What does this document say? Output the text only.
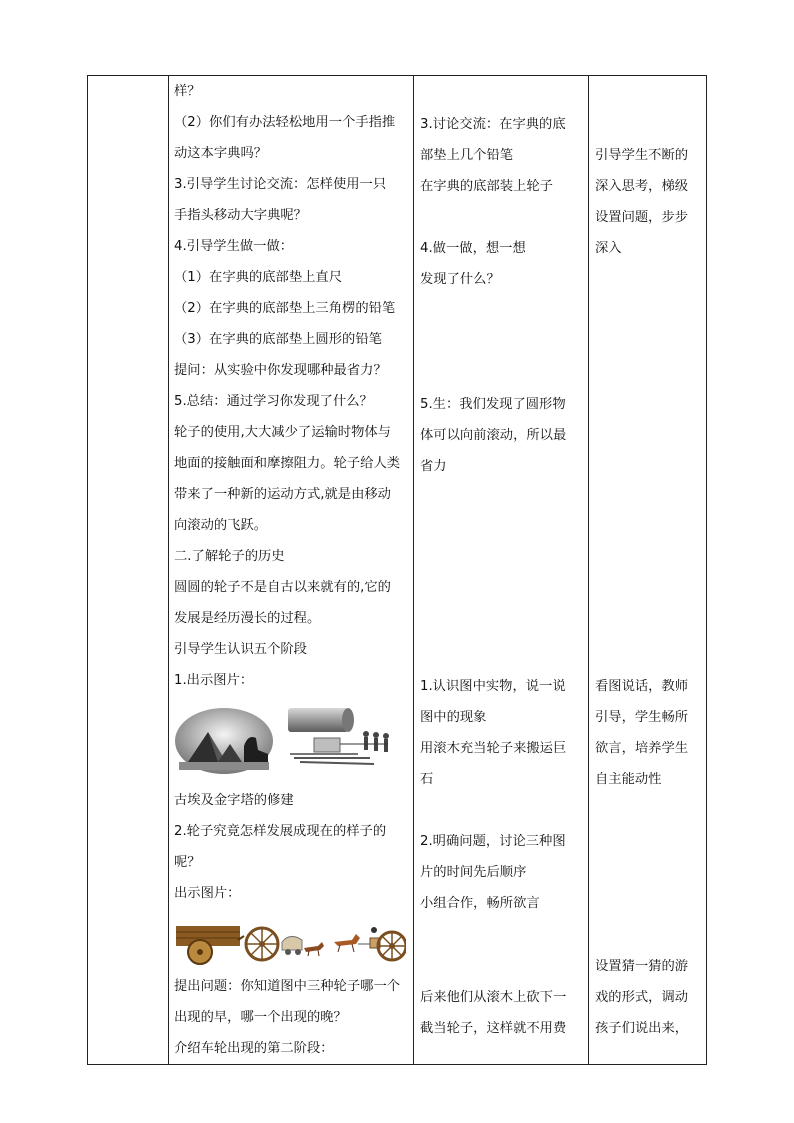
样？
（2）你们有办法轻松地用一个手指推
动这本字典吗？
3.引导学生讨论交流：怎样使用一只
手指头移动大字典呢？
4.引导学生做一做：
（1）在字典的底部垫上直尺
（2）在字典的底部垫上三角楞的铅笔
（3）在字典的底部垫上圆形的铅笔
提问：从实验中你发现哪种最省力？
5.总结：通过学习你发现了什么？
轮子的使用,大大减少了运输时物体与
地面的接触面和摩擦阻力。轮子给人类
带来了一种新的运动方式,就是由移动
向滚动的飞跃。
二.了解轮子的历史
圆圆的轮子不是自古以来就有的,它的
发展是经历漫长的过程。
引导学生认识五个阶段
1.出示图片：
古埃及金字塔的修建
2.轮子究竟怎样发展成现在的样子的
呢？
出示图片：
提出问题：你知道图中三种轮子哪一个
出现的早，哪一个出现的晚？
介绍车轮出现的第二阶段：
3.讨论交流：在字典的底
部垫上几个铅笔
在字典的底部装上轮子
4.做一做，想一想
发现了什么？
5.生：我们发现了圆形物
体可以向前滚动，所以最
省力
1.认识图中实物，说一说
图中的现象
用滚木充当轮子来搬运巨
石
2.明确问题，讨论三种图
片的时间先后顺序
小组合作，畅所欲言
后来他们从滚木上砍下一
截当轮子，这样就不用费
引导学生不断的
深入思考，梯级
设置问题，步步
深入
看图说话，教师
引导，学生畅所
欲言，培养学生
自主能动性
设置猜一猜的游
戏的形式，调动
孩子们说出来，
